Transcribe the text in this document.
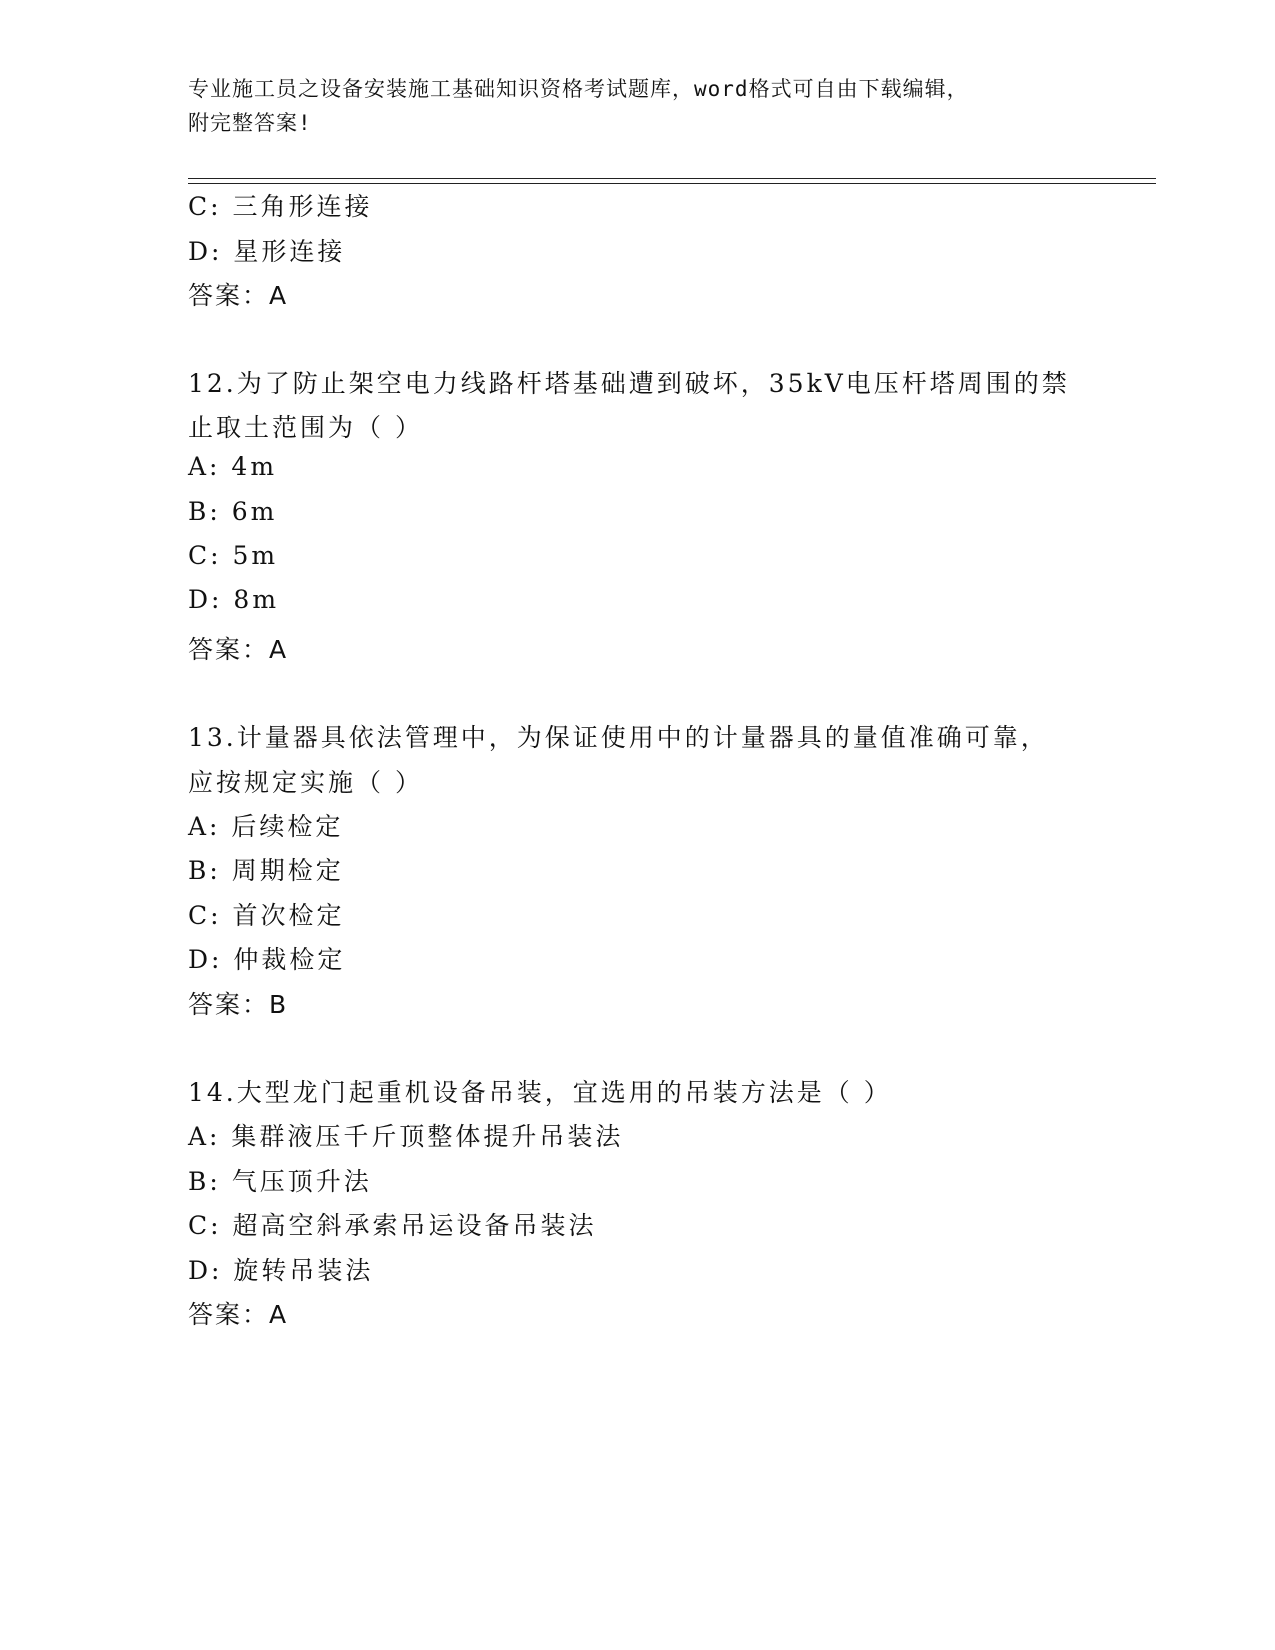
专业施工员之设备安装施工基础知识资格考试题库，word格式可自由下载编辑，
附完整答案!
C: 三角形连接
D: 星形连接
答案：A
12.为了防止架空电力线路杆塔基础遭到破坏，35kV电压杆塔周围的禁
止取土范围为（ ）
A: 4m
B: 6m
C: 5m
D: 8m
答案：A
13.计量器具依法管理中，为保证使用中的计量器具的量值准确可靠，
应按规定实施（ ）
A: 后续检定
B: 周期检定
C: 首次检定
D: 仲裁检定
答案：B
14.大型龙门起重机设备吊装，宜选用的吊装方法是（ ）
A: 集群液压千斤顶整体提升吊装法
B: 气压顶升法
C: 超高空斜承索吊运设备吊装法
D: 旋转吊装法
答案：A
